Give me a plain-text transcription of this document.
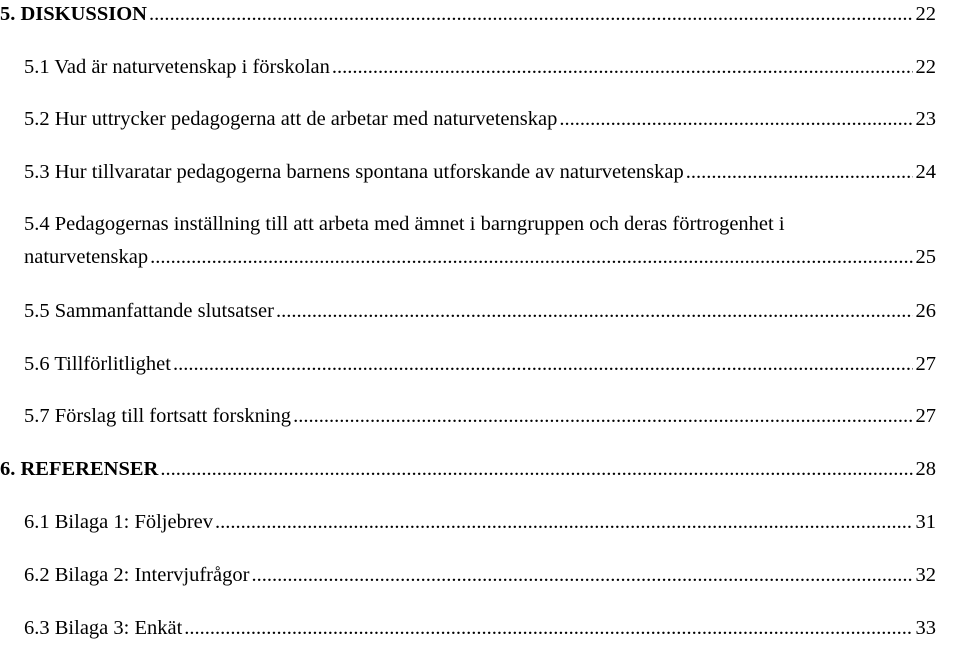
5. DISKUSSION .....	22
5.1 Vad är naturvetenskap i förskolan .....	22
5.2 Hur uttrycker pedagogerna att de arbetar med naturvetenskap .....	23
5.3 Hur tillvaratar pedagogerna barnens spontana utforskande av naturvetenskap .....	24
5.4 Pedagogernas inställning till att arbeta med ämnet i barngruppen och deras förtrogenhet i
naturvetenskap .....	25
5.5 Sammanfattande slutsatser .....	26
5.6 Tillförlitlighet .....	27
5.7 Förslag till fortsatt forskning .....	27
6. REFERENSER .....	28
6.1 Bilaga 1: Följebrev .....	31
6.2 Bilaga 2: Intervjufrågor .....	32
6.3 Bilaga 3: Enkät .....	33
